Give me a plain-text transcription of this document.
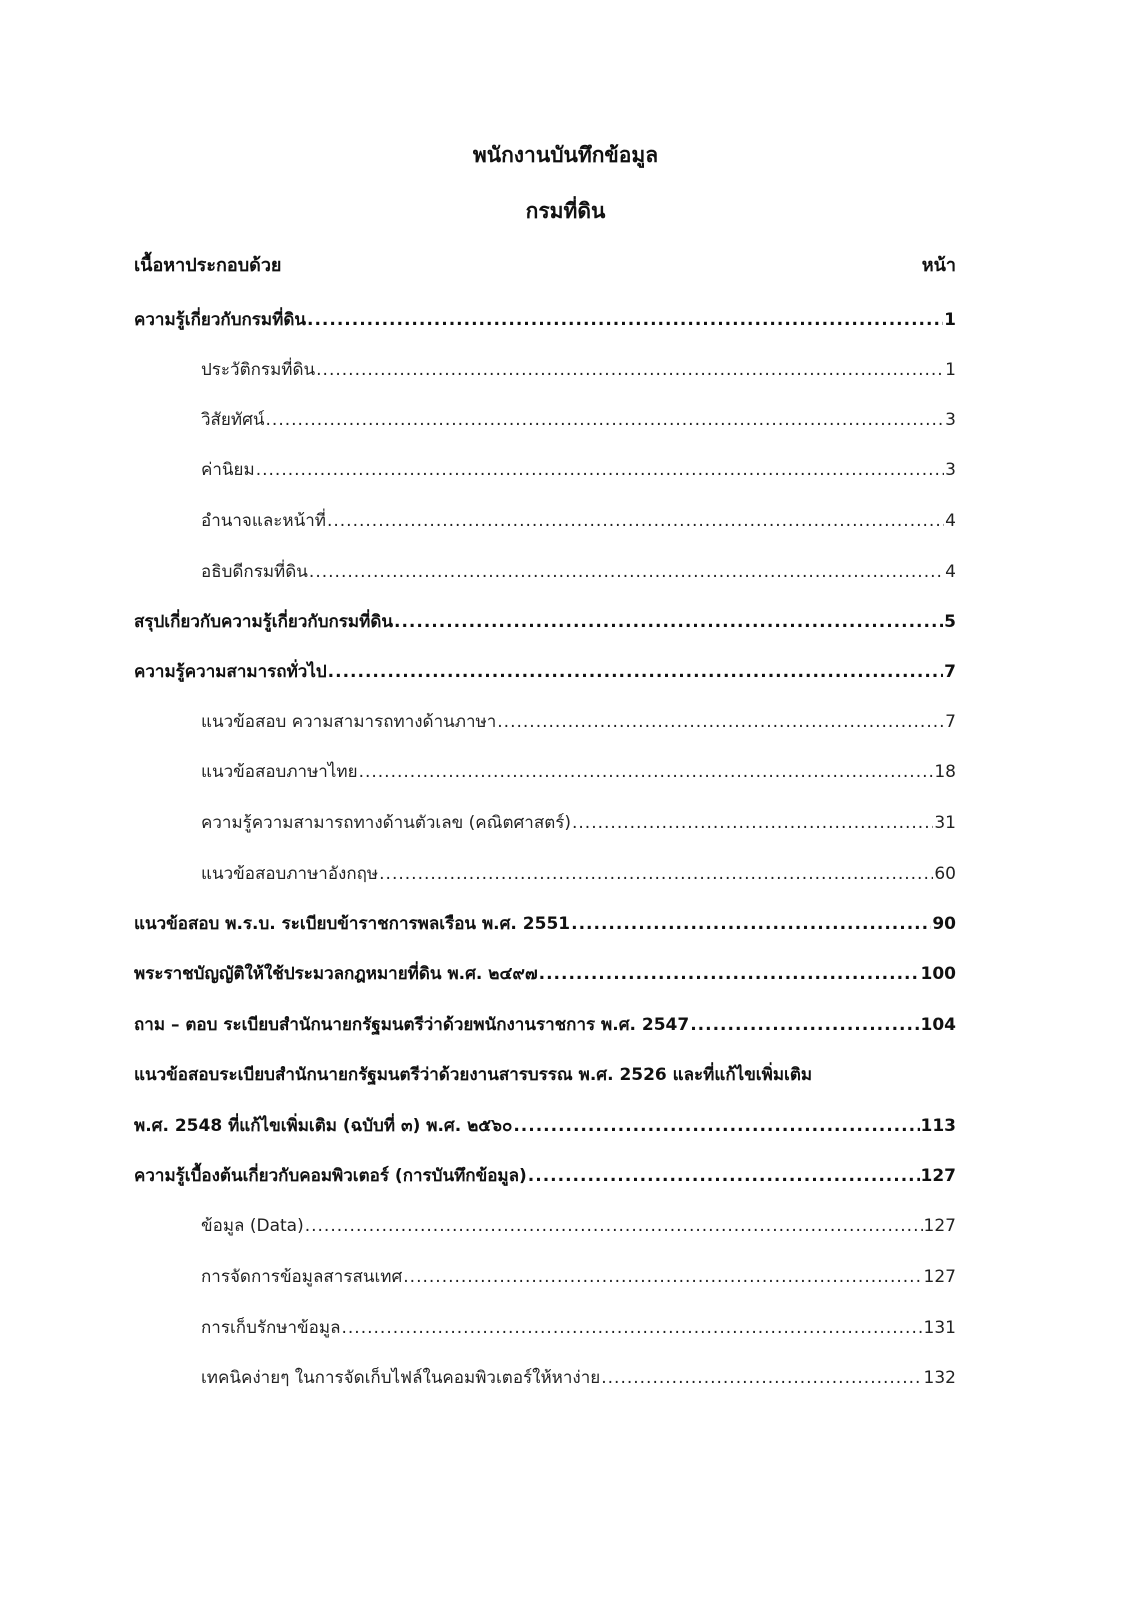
พนักงานบันทึกข้อมูล
กรมที่ดิน
เนื้อหาประกอบด้วย	หน้า
ความรู้เกี่ยวกับกรมที่ดิน .....	1
ประวัติกรมที่ดิน .....	1
วิสัยทัศน์ .....	3
ค่านิยม .....	3
อำนาจและหน้าที่ .....	4
อธิบดีกรมที่ดิน .....	4
สรุปเกี่ยวกับความรู้เกี่ยวกับกรมที่ดิน .....	5
ความรู้ความสามารถทั่วไป .....	7
แนวข้อสอบ ความสามารถทางด้านภาษา .....	7
แนวข้อสอบภาษาไทย .....	18
ความรู้ความสามารถทางด้านตัวเลข (คณิตศาสตร์) .....	31
แนวข้อสอบภาษาอังกฤษ .....	60
แนวข้อสอบ พ.ร.บ. ระเบียบข้าราชการพลเรือน พ.ศ. 2551 .....	90
พระราชบัญญัติให้ใช้ประมวลกฎหมายที่ดิน พ.ศ. ๒๔๙๗ .....	100
ถาม – ตอบ ระเบียบสำนักนายกรัฐมนตรีว่าด้วยพนักงานราชการ พ.ศ. 2547 .....	104
แนวข้อสอบระเบียบสำนักนายกรัฐมนตรีว่าด้วยงานสารบรรณ พ.ศ. 2526 และที่แก้ไขเพิ่มเติม
พ.ศ. 2548 ที่แก้ไขเพิ่มเติม (ฉบับที่ ๓) พ.ศ. ๒๕๖๐ .....	113
ความรู้เบื้องต้นเกี่ยวกับคอมพิวเตอร์ (การบันทึกข้อมูล) .....	127
ข้อมูล (Data) .....	127
การจัดการข้อมูลสารสนเทศ .....	127
การเก็บรักษาข้อมูล .....	131
เทคนิคง่ายๆ ในการจัดเก็บไฟล์ในคอมพิวเตอร์ให้หาง่าย .....	132
